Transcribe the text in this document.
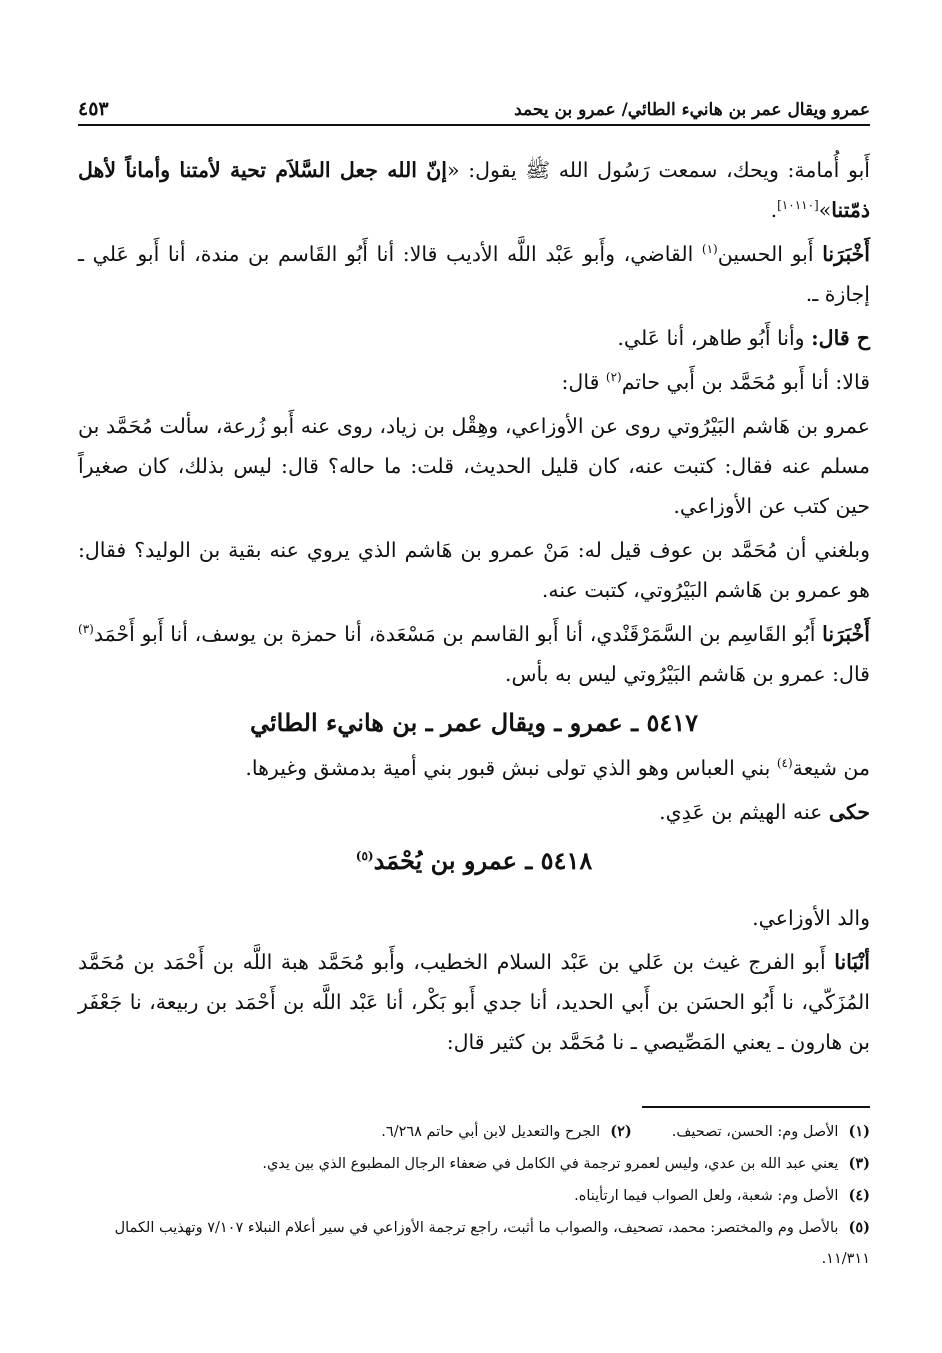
عمرو ويقال عمر بن هانيء الطائي/ عمرو بن يحمد
٤٥٣

أَبو أُمامة: ويحك، سمعت رَسُول الله ﷺ يقول: «إنّ الله جعل السَّلاَم تحية لأمتنا وأماناً لأهل ذمّتنا»[١٠١١٠].

أَخْبَرَنا أَبو الحسين$^{(١)}$ القاضي، وأَبو عَبْد اللَّه الأديب قالا: أنا أَبُو القَاسم بن مندة، أنا أَبو عَلي ـ إجازة ـ.

ح قال: وأنا أَبُو طاهر، أنا عَلي.

قالا: أنا أَبو مُحَمَّد بن أَبي حاتم$^{(٢)}$ قال:

عمرو بن هَاشم البَيْرُوتي روى عن الأوزاعي، وهِقْل بن زياد، روى عنه أَبو زُرعة، سألت مُحَمَّد بن مسلم عنه فقال: كتبت عنه، كان قليل الحديث، قلت: ما حاله؟ قال: ليس بذلك، كان صغيراً حين كتب عن الأوزاعي.

وبلغني أن مُحَمَّد بن عوف قيل له: مَنْ عمرو بن هَاشم الذي يروي عنه بقية بن الوليد؟ فقال: هو عمرو بن هَاشم البَيْرُوتي، كتبت عنه.

أَخْبَرَنا أَبُو القَاسِم بن السَّمَرْقَنْدي، أنا أَبو القاسم بن مَسْعَدة، أنا حمزة بن يوسف، أنا أَبو أَحْمَد$^{(٣)}$ قال: عمرو بن هَاشم البَيْرُوتي ليس به بأس.

٥٤١٧ ـ عمرو ـ ويقال عمر ـ بن هانيء الطائي

من شيعة$^{(٤)}$ بني العباس وهو الذي تولى نبش قبور بني أمية بدمشق وغيرها.

حكى عنه الهيثم بن عَدِي.

٥٤١٨ ـ عمرو بن يُحْمَد$^{(٥)}$

والد الأوزاعي.

أنْبَانا أَبو الفرج غيث بن عَلي بن عَبْد السلام الخطيب، وأَبو مُحَمَّد هبة اللَّه بن أَحْمَد بن مُحَمَّد المُزَكّي، نا أَبُو الحسَن بن أَبي الحديد، أنا جدي أَبو بَكْر، أنا عَبْد اللَّه بن أَحْمَد بن ربيعة، نا جَعْفَر بن هارون ـ يعني المَصِّيصي ـ نا مُحَمَّد بن كثير قال:

(١)الأصل وم: الحسن، تصحيف.

(٢)الجرح والتعديل لابن أبي حاتم ٦/٢٦٨.

(٣)يعني عبد الله بن عدي، وليس لعمرو ترجمة في الكامل في ضعفاء الرجال المطبوع الذي بين يدي.

(٤)الأصل وم: شعبة، ولعل الصواب فيما ارتأيناه.

(٥)بالأصل وم والمختصر: محمد، تصحيف، والصواب ما أثبت، راجع ترجمة الأوزاعي في سير أعلام النبلاء ٧/١٠٧ وتهذيب الكمال ١١/٣١١.
